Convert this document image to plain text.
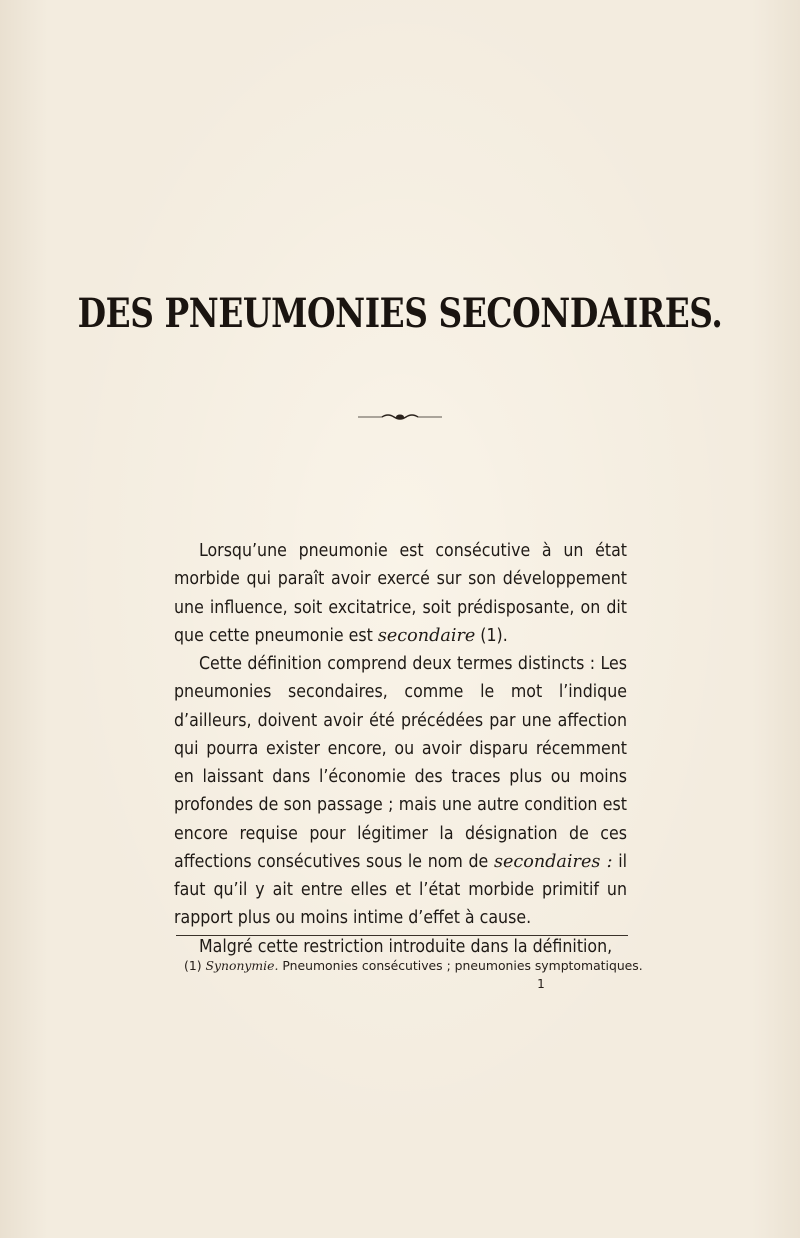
DES PNEUMONIES SECONDAIRES.

Lorsqu’une pneumonie est consécutive à un état morbide qui paraît avoir exercé sur son développement une influence, soit excitatrice, soit prédisposante, on dit que cette pneumonie est secondaire (1).

Cette définition comprend deux termes distincts : Les pneumonies secondaires, comme le mot l’indique d’ailleurs, doivent avoir été précédées par une affection qui pourra exister encore, ou avoir disparu récemment en laissant dans l’économie des traces plus ou moins profondes de son passage ; mais une autre condition est encore requise pour légitimer la désignation de ces affections consécutives sous le nom de secondaires : il faut qu’il y ait entre elles et l’état morbide primitif un rapport plus ou moins intime d’effet à cause.

Malgré cette restriction introduite dans la définition,

(1) Synonymie. Pneumonies consécutives ; pneumonies symptomatiques.
1
